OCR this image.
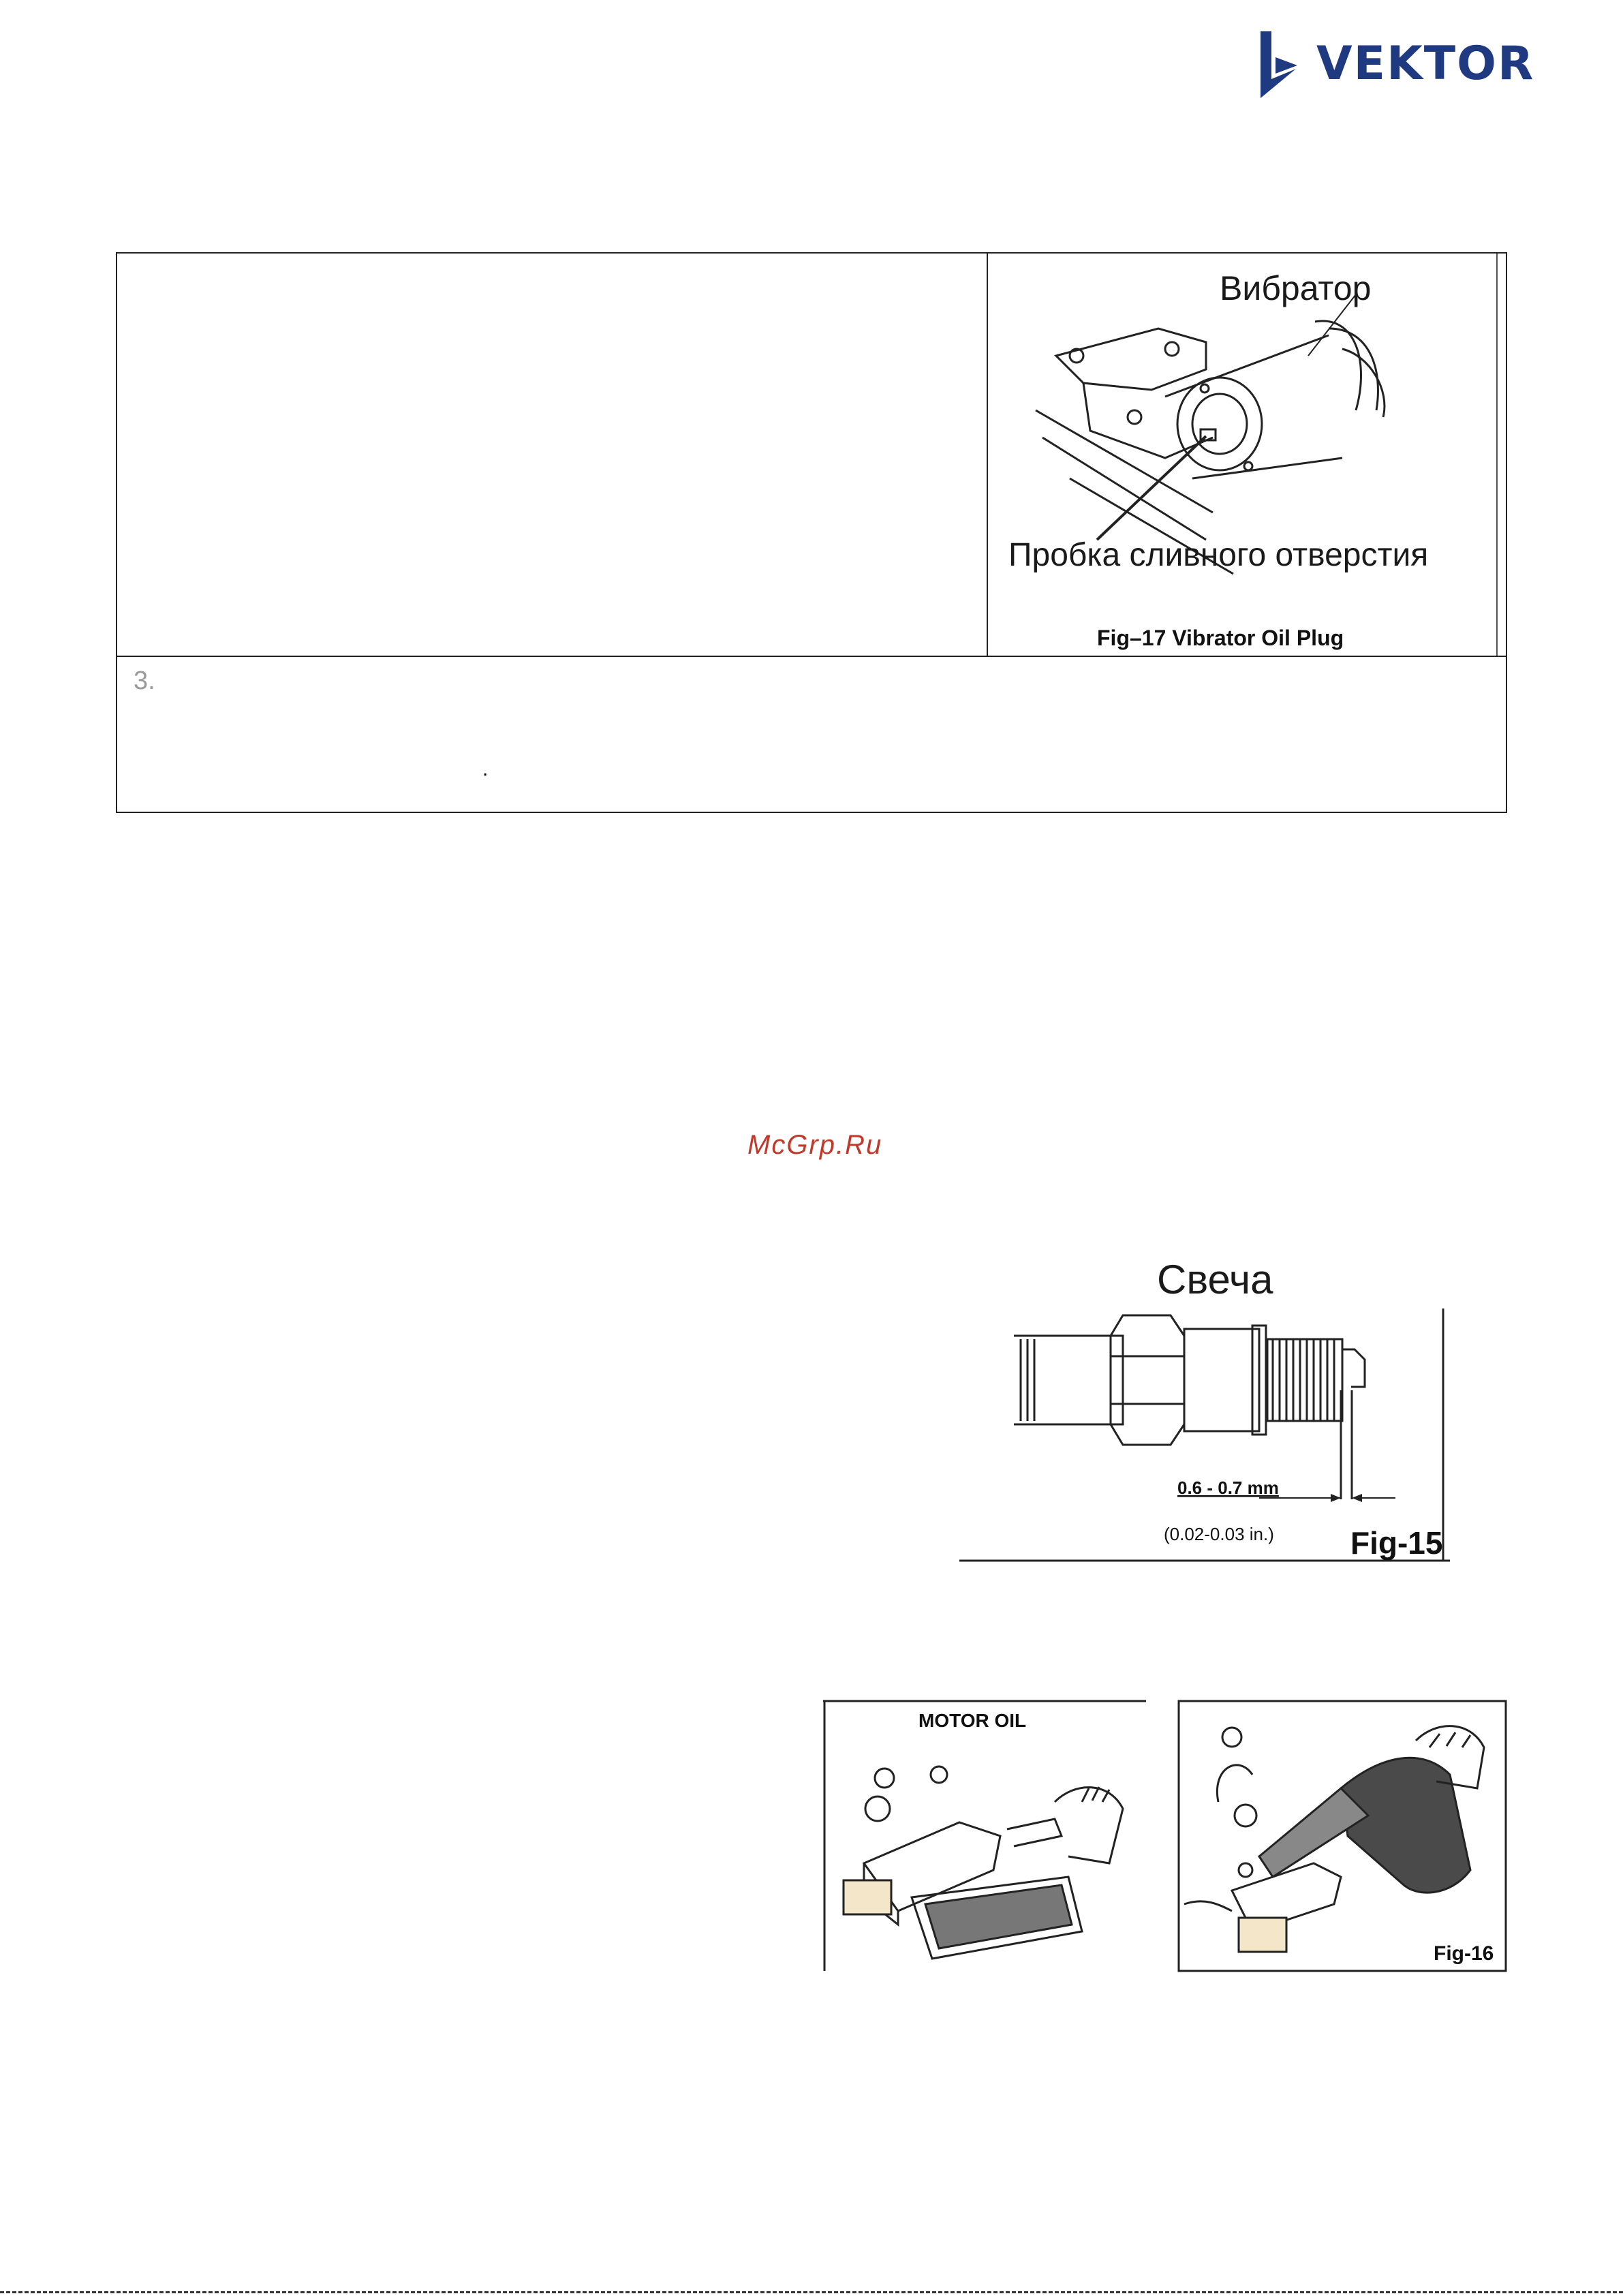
VEKTOR
Вибратор
Пробка сливного отверстия
Fig–17 Vibrator Oil Plug
3.
.
McGrp.Ru
Свеча
0.6 - 0.7 mm
(0.02-0.03 in.) Fig-15
MOTOR OIL
Fig-16
